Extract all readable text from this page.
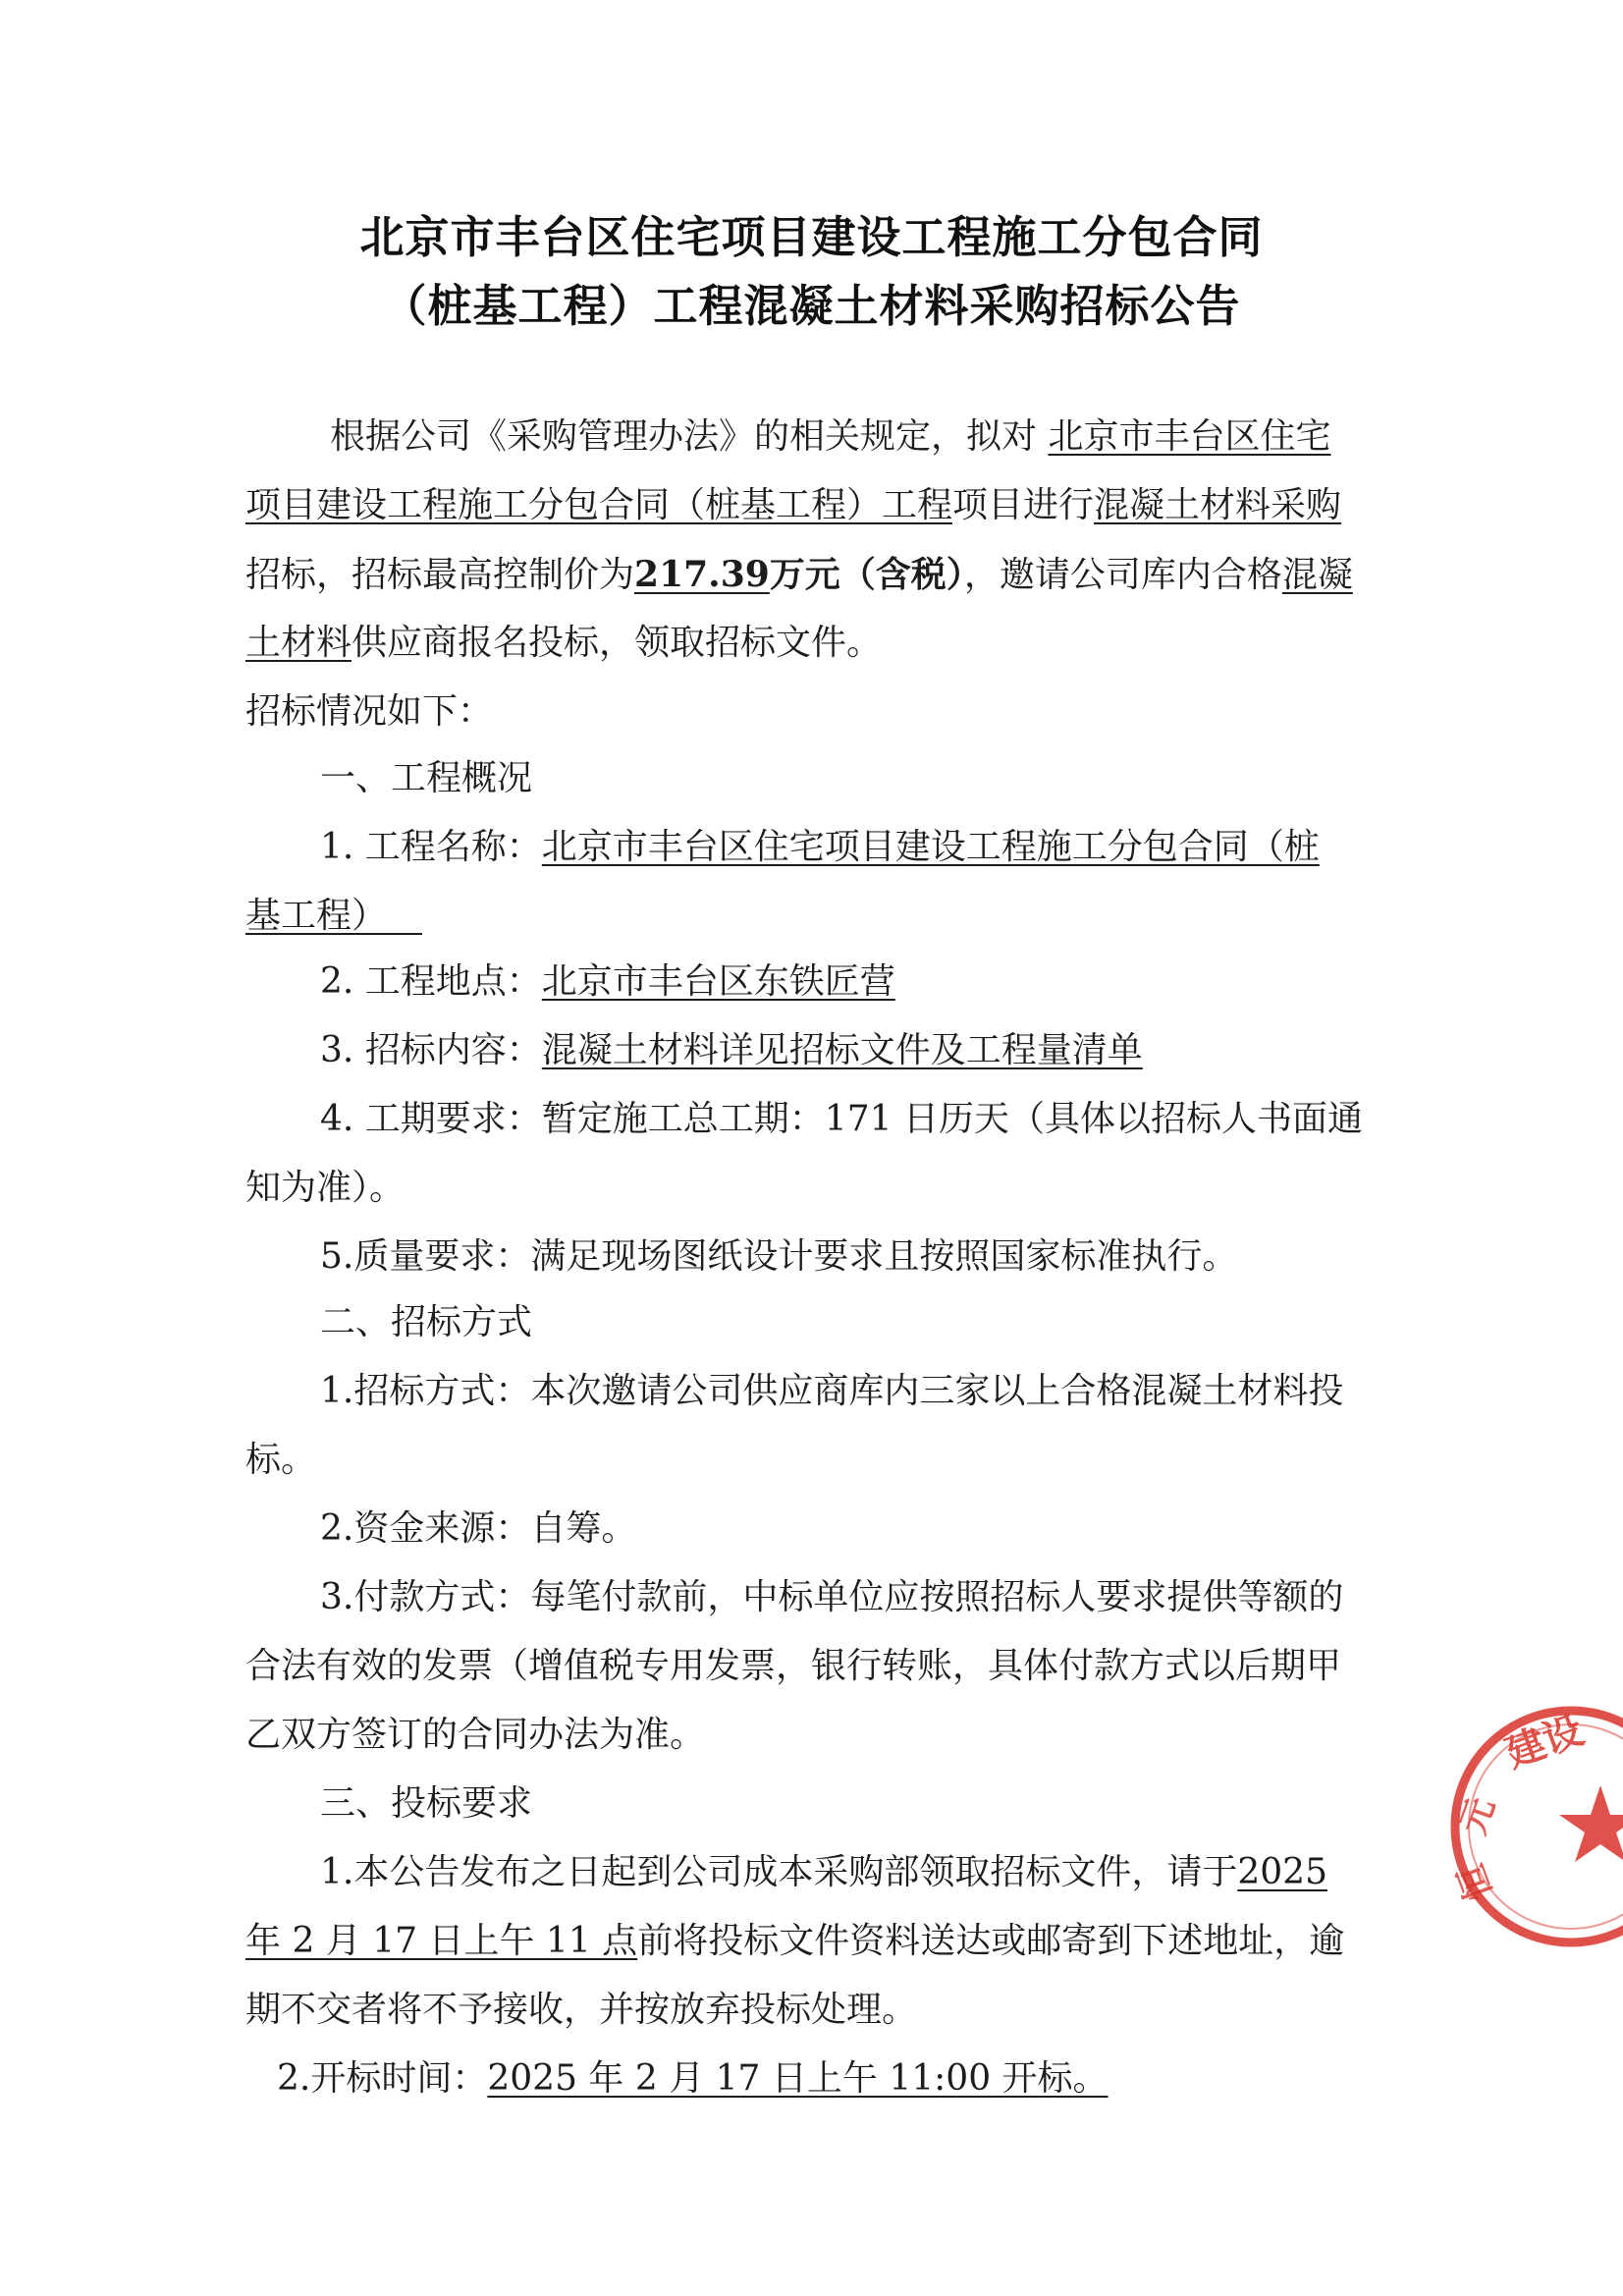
北京市丰台区住宅项目建设工程施工分包合同
（桩基工程）工程混凝土材料采购招标公告
根据公司《采购管理办法》的相关规定，拟对 北京市丰台区住宅
项目建设工程施工分包合同（桩基工程）工程项目进行混凝土材料采购
招标，招标最高控制价为217.39万元（含税），邀请公司库内合格混凝
土材料供应商报名投标，领取招标文件。
招标情况如下：
一、工程概况
1. 工程名称：北京市丰台区住宅项目建设工程施工分包合同（桩
基工程） 
2. 工程地点：北京市丰台区东铁匠营
3. 招标内容：混凝土材料详见招标文件及工程量清单
4. 工期要求：暂定施工总工期：171 日历天（具体以招标人书面通
知为准）。
5.质量要求：满足现场图纸设计要求且按照国家标准执行。
二、招标方式
1.招标方式：本次邀请公司供应商库内三家以上合格混凝土材料投
标。
2.资金来源：自筹。
3.付款方式：每笔付款前，中标单位应按照招标人要求提供等额的
合法有效的发票（增值税专用发票，银行转账，具体付款方式以后期甲
乙双方签订的合同办法为准。
三、投标要求
1.本公告发布之日起到公司成本采购部领取招标文件，请于2025
年 2 月 17 日上午 11 点前将投标文件资料送达或邮寄到下述地址，逾
期不交者将不予接收，并按放弃投标处理。
2.开标时间：2025 年 2 月 17 日上午 11:00 开标。
建设
元
恒
